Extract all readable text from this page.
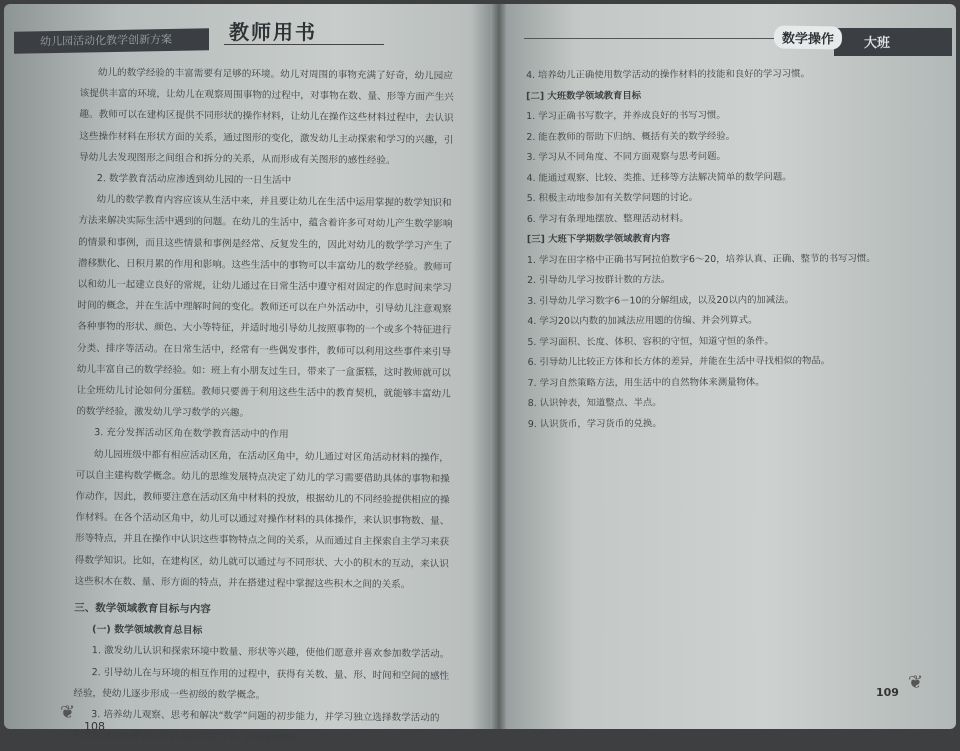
幼儿园活动化教学创新方案	教师用书

幼儿的数学经验的丰富需要有足够的环境。幼儿对周围的事物充满了好奇，幼儿园应

该提供丰富的环境，让幼儿在观察周围事物的过程中，对事物在数、量、形等方面产生兴

趣。教师可以在建构区提供不同形状的操作材料，让幼儿在操作这些材料过程中，去认识

这些操作材料在形状方面的关系，通过图形的变化，激发幼儿主动探索和学习的兴趣，引

导幼儿去发现图形之间组合和拆分的关系，从而形成有关图形的感性经验。

2. 数学教育活动应渗透到幼儿园的一日生活中

幼儿的数学教育内容应该从生活中来，并且要让幼儿在生活中运用掌握的数学知识和

方法来解决实际生活中遇到的问题。在幼儿的生活中，蕴含着许多可对幼儿产生数学影响

的情景和事例，而且这些情景和事例是经常、反复发生的，因此对幼儿的数学学习产生了

潜移默化、日积月累的作用和影响。这些生活中的事物可以丰富幼儿的数学经验。教师可

以和幼儿一起建立良好的常规，让幼儿通过在日常生活中遵守相对固定的作息时间来学习

时间的概念，并在生活中理解时间的变化。教师还可以在户外活动中，引导幼儿注意观察

各种事物的形状、颜色、大小等特征，并适时地引导幼儿按照事物的一个或多个特征进行

分类、排序等活动。在日常生活中，经常有一些偶发事件，教师可以利用这些事件来引导

幼儿丰富自己的数学经验。如：班上有小朋友过生日，带来了一盒蛋糕，这时教师就可以

让全班幼儿讨论如何分蛋糕。教师只要善于利用这些生活中的教育契机，就能够丰富幼儿

的数学经验，激发幼儿学习数学的兴趣。

3. 充分发挥活动区角在数学教育活动中的作用

幼儿园班级中都有相应活动区角，在活动区角中，幼儿通过对区角活动材料的操作，

可以自主建构数学概念。幼儿的思维发展特点决定了幼儿的学习需要借助具体的事物和操

作动作，因此，教师要注意在活动区角中材料的投放，根据幼儿的不同经验提供相应的操

作材料。在各个活动区角中，幼儿可以通过对操作材料的具体操作，来认识事物数、量、

形等特点，并且在操作中认识这些事物特点之间的关系，从而通过自主探索自主学习来获

得数学知识。比如，在建构区，幼儿就可以通过与不同形状、大小的积木的互动，来认识

这些积木在数、量、形方面的特点，并在搭建过程中掌握这些积木之间的关系。

三、数学领域教育目标与内容

(一) 数学领域教育总目标

1. 激发幼儿认识和探索环境中数量、形状等兴趣，使他们愿意并喜欢参加数学活动。

2. 引导幼儿在与环境的相互作用的过程中，获得有关数、量、形、时间和空间的感性

经验，使幼儿逐步形成一些初级的数学概念。

3. 培养幼儿观察、思考和解决“数学”问题的初步能力，并学习独立选择数学活动的

内容和材料来要求检查自己活动的情况、活动的过程。

❦
108
数学操作	大班

4. 培养幼儿正确使用数学活动的操作材料的技能和良好的学习习惯。

[二] 大班数学领域教育目标

1. 学习正确书写数字，并养成良好的书写习惯。

2. 能在教师的帮助下归纳、概括有关的数学经验。

3. 学习从不同角度、不同方面观察与思考问题。

4. 能通过观察、比较、类推、迁移等方法解决简单的数学问题。

5. 积极主动地参加有关数学问题的讨论。

6. 学习有条理地摆放、整理活动材料。

[三] 大班下学期数学领域教育内容

1. 学习在田字格中正确书写阿拉伯数字6～20，培养认真、正确、整节的书写习惯。

2. 引导幼儿学习按群计数的方法。

3. 引导幼儿学习数字6－10的分解组成，以及20以内的加减法。

4. 学习20以内数的加减法应用题的仿编、并会列算式。

5. 学习面积、长度、体积、容积的守恒，知道守恒的条件。

6. 引导幼儿比较正方体和长方体的差异，并能在生活中寻找相似的物品。

7. 学习自然策略方法，用生活中的自然物体来测量物体。

8. 认识钟表，知道整点、半点。

9. 认识货币，学习货币的兑换。

109 ❦
